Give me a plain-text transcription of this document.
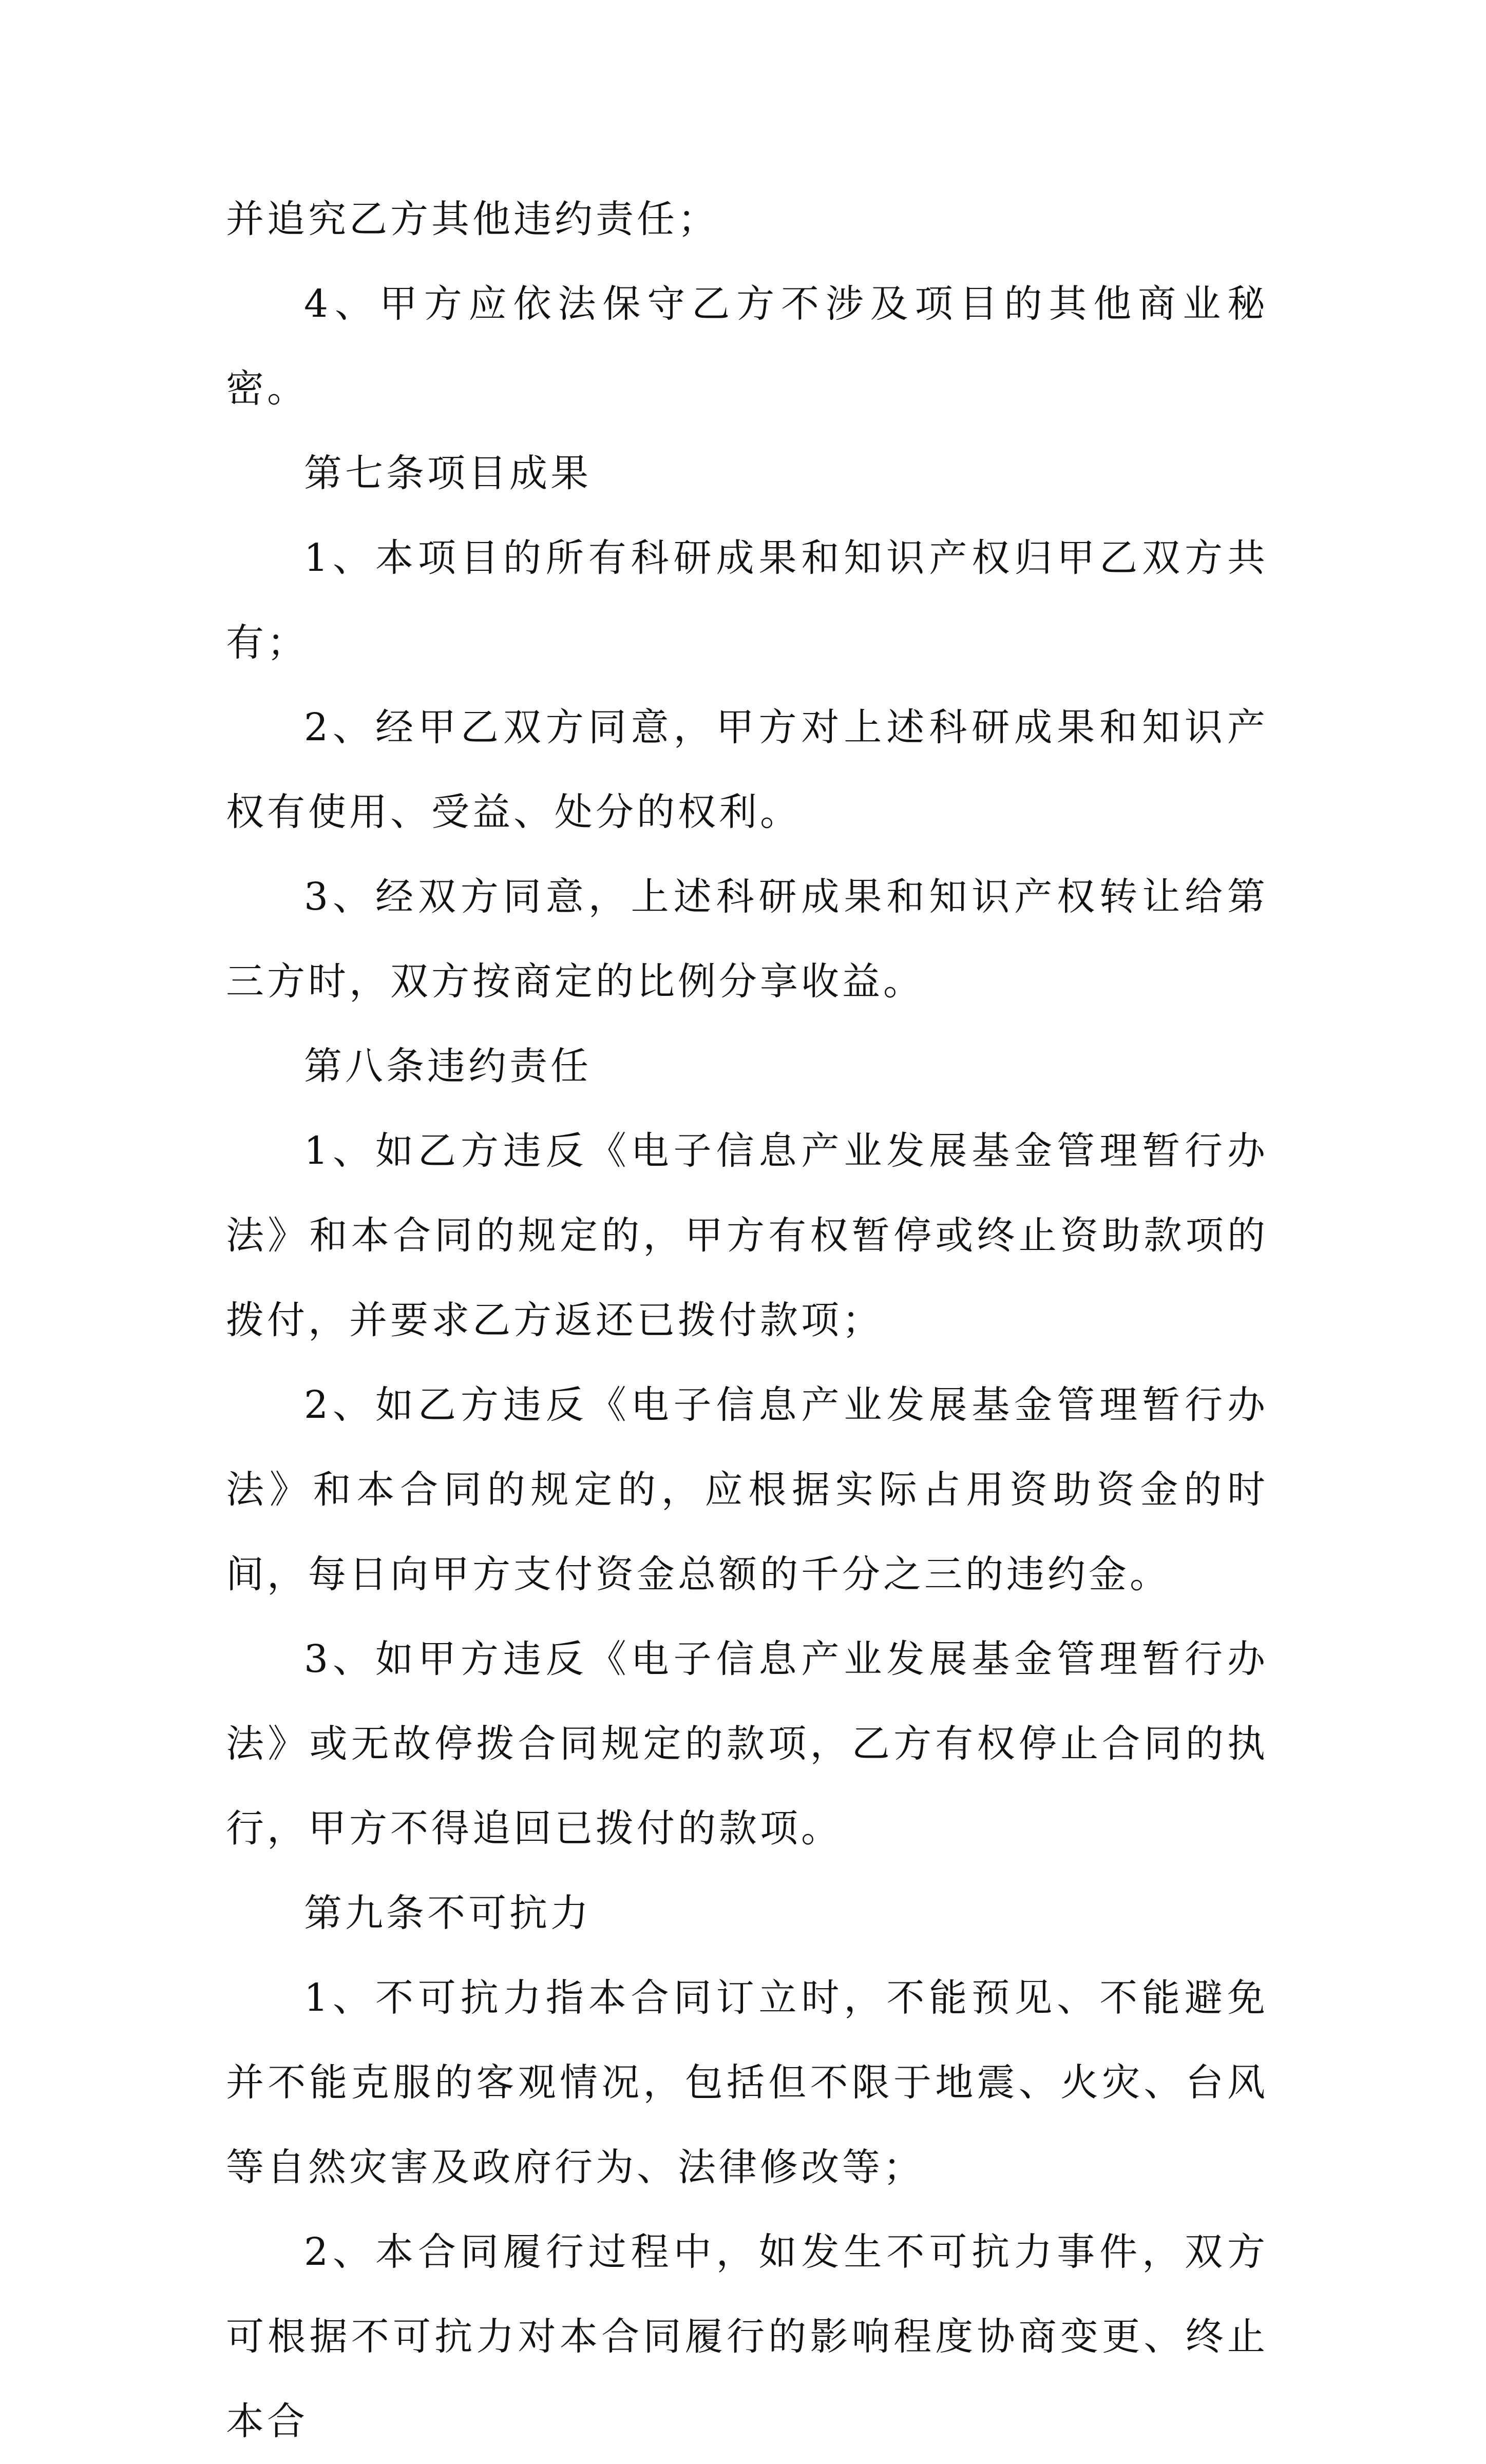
并追究乙方其他违约责任；

4、甲方应依法保守乙方不涉及项目的其他商业秘密。

第七条项目成果

1、本项目的所有科研成果和知识产权归甲乙双方共有；

2、经甲乙双方同意，甲方对上述科研成果和知识产权有使用、受益、处分的权利。

3、经双方同意，上述科研成果和知识产权转让给第三方时，双方按商定的比例分享收益。

第八条违约责任

1、如乙方违反《电子信息产业发展基金管理暂行办法》和本合同的规定的，甲方有权暂停或终止资助款项的拨付，并要求乙方返还已拨付款项；

2、如乙方违反《电子信息产业发展基金管理暂行办法》和本合同的规定的，应根据实际占用资助资金的时间，每日向甲方支付资金总额的千分之三的违约金。

3、如甲方违反《电子信息产业发展基金管理暂行办法》或无故停拨合同规定的款项，乙方有权停止合同的执行，甲方不得追回已拨付的款项。

第九条不可抗力

1、不可抗力指本合同订立时，不能预见、不能避免并不能克服的客观情况，包括但不限于地震、火灾、台风等自然灾害及政府行为、法律修改等；

2、本合同履行过程中，如发生不可抗力事件，双方可根据不可抗力对本合同履行的影响程度协商变更、终止本合
